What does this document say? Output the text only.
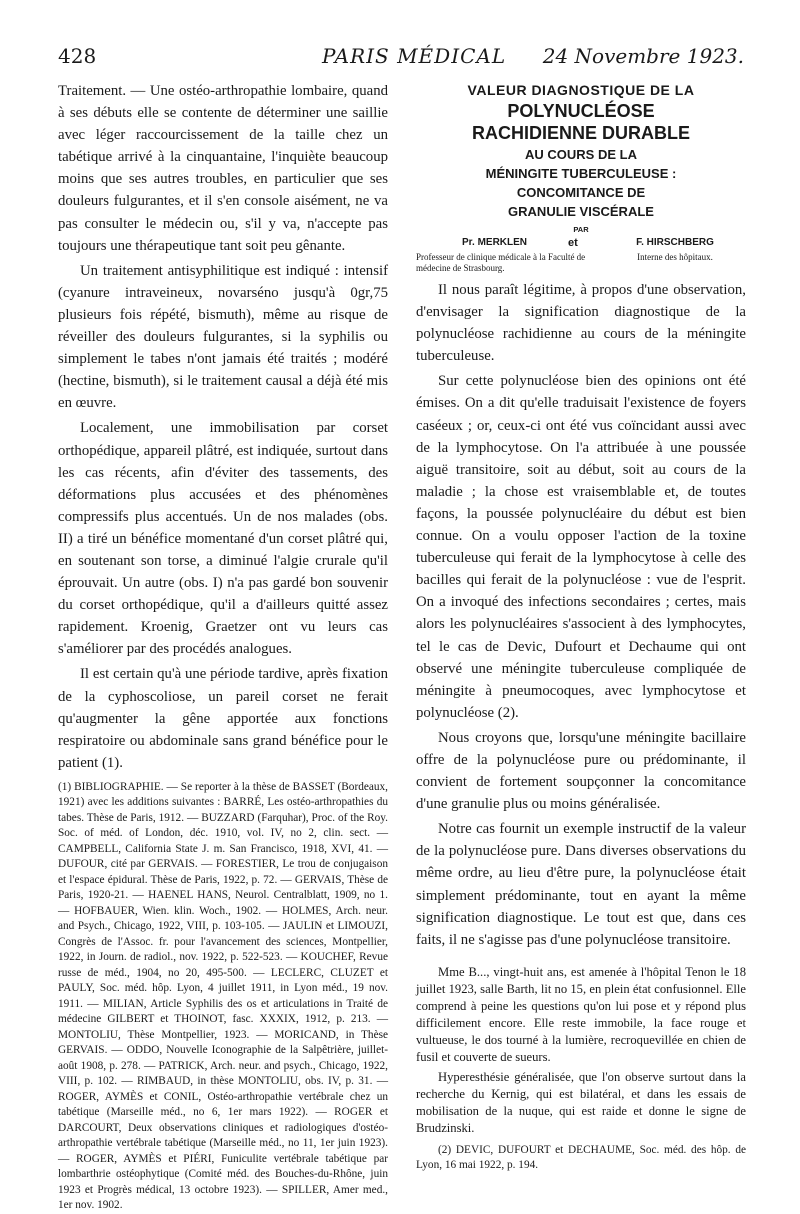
428	PARIS MÉDICAL 24 Novembre 1923.

Traitement. — Une ostéo-arthropathie lombaire, quand à ses débuts elle se contente de déterminer une saillie avec léger raccourcissement de la taille chez un tabétique arrivé à la cinquantaine, l'inquiète beaucoup moins que ses autres troubles, en particulier que ses douleurs fulgurantes, et il s'en console aisément, ne va pas consulter le médecin ou, s'il y va, n'accepte pas toujours une thérapeutique tant soit peu gênante.

Un traitement antisyphilitique est indiqué : intensif (cyanure intraveineux, novarséno jusqu'à 0gr,75 plusieurs fois répété, bismuth), même au risque de réveiller des douleurs fulgurantes, si la syphilis ou simplement le tabes n'ont jamais été traités ; modéré (hectine, bismuth), si le traitement causal a déjà été mis en œuvre.

Localement, une immobilisation par corset orthopédique, appareil plâtré, est indiquée, surtout dans les cas récents, afin d'éviter des tassements, des déformations plus accusées et des phénomènes compressifs plus accentués. Un de nos malades (obs. II) a tiré un bénéfice momentané d'un corset plâtré qui, en soutenant son torse, a diminué l'algie crurale qu'il éprouvait. Un autre (obs. I) n'a pas gardé bon souvenir du corset orthopédique, qu'il a d'ailleurs quitté assez rapidement. Kroenig, Graetzer ont vu leurs cas s'améliorer par des procédés analogues.

Il est certain qu'à une période tardive, après fixation de la cyphoscoliose, un pareil corset ne ferait qu'augmenter la gêne apportée aux fonctions respiratoire ou abdominale sans grand bénéfice pour le patient (1).

(1) BIBLIOGRAPHIE. — Se reporter à la thèse de BASSET (Bordeaux, 1921) avec les additions suivantes : BARRÉ, Les ostéo-arthropathies du tabes. Thèse de Paris, 1912. — BUZZARD (Farquhar), Proc. of the Roy. Soc. of méd. of London, déc. 1910, vol. IV, no 2, clin. sect. — CAMPBELL, California State J. m. San Francisco, 1918, XVI, 41. — DUFOUR, cité par GERVAIS. — FORESTIER, Le trou de conjugaison et l'espace épidural. Thèse de Paris, 1922, p. 72. — GERVAIS, Thèse de Paris, 1920-21. — HAENEL HANS, Neurol. Centralblatt, 1909, no 1. — HOFBAUER, Wien. klin. Woch., 1902. — HOLMES, Arch. neur. and Psych., Chicago, 1922, VIII, p. 103-105. — JAULIN et LIMOUZI, Congrès de l'Assoc. fr. pour l'avancement des sciences, Montpellier, 1922, in Journ. de radiol., nov. 1922, p. 522-523. — KOUCHEF, Revue russe de méd., 1904, no 20, 495-500. — LECLERC, CLUZET et PAULY, Soc. méd. hôp. Lyon, 4 juillet 1911, in Lyon méd., 19 nov. 1911. — MILIAN, Article Syphilis des os et articulations in Traité de médecine GILBERT et THOINOT, fasc. XXXIX, 1912, p. 213. — MONTOLIU, Thèse Montpellier, 1923. — MORICAND, in Thèse GERVAIS. — ODDO, Nouvelle Iconographie de la Salpêtrière, juillet-août 1908, p. 278. — PATRICK, Arch. neur. and psych., Chicago, 1922, VIII, p. 102. — RIMBAUD, in thèse MONTOLIU, obs. IV, p. 31. — ROGER, AYMÈS et CONIL, Ostéo-arthropathie vertébrale chez un tabétique (Marseille méd., no 6, 1er mars 1922). — ROGER et DARCOURT, Deux observations cliniques et radiologiques d'ostéo-arthropathie vertébrale tabétique (Marseille méd., no 11, 1er juin 1923). — ROGER, AYMÈS et PIÉRI, Funiculite vertébrale tabétique par lombarthrie ostéophytique (Comité méd. des Bouches-du-Rhône, juin 1923 et Progrès médical, 13 octobre 1923). — SPILLER, Amer med., 1er nov. 1902.

VALEUR DIAGNOSTIQUE DE LA
POLYNUCLÉOSE
RACHIDIENNE DURABLE
AU COURS DE LA
MÉNINGITE TUBERCULEUSE :
CONCOMITANCE DE
GRANULIE VISCÉRALE
PAR
Pr. MERKLEN
Professeur de clinique médicale à la Faculté de médecine de Strasbourg.
et	F. HIRSCHBERG
Interne des hôpitaux.

Il nous paraît légitime, à propos d'une observation, d'envisager la signification diagnostique de la polynucléose rachidienne au cours de la méningite tuberculeuse.

Sur cette polynucléose bien des opinions ont été émises. On a dit qu'elle traduisait l'existence de foyers caséeux ; or, ceux-ci ont été vus coïncidant aussi avec de la lymphocytose. On l'a attribuée à une poussée aiguë transitoire, soit au début, soit au cours de la maladie ; la chose est vraisemblable et, de toutes façons, la poussée polynucléaire du début est bien connue. On a voulu opposer l'action de la toxine tuberculeuse qui ferait de la lymphocytose à celle des bacilles qui ferait de la polynucléose : vue de l'esprit. On a invoqué des infections secondaires ; certes, mais alors les polynucléaires s'associent à des lymphocytes, tel le cas de Devic, Dufourt et Dechaume qui ont observé une méningite tuberculeuse compliquée de méningite à pneumocoques, avec lymphocytose et polynucléose (2).

Nous croyons que, lorsqu'une méningite bacillaire offre de la polynucléose pure ou prédominante, il convient de fortement soupçonner la concomitance d'une granulie plus ou moins généralisée.

Notre cas fournit un exemple instructif de la valeur de la polynucléose pure. Dans diverses observations du même ordre, au lieu d'être pure, la polynucléose était simplement prédominante, tout en ayant la même signification diagnostique. Le tout est que, dans ces faits, il ne s'agisse pas d'une polynucléose transitoire.

Mme B..., vingt-huit ans, est amenée à l'hôpital Tenon le 18 juillet 1923, salle Barth, lit no 15, en plein état confusionnel. Elle comprend à peine les questions qu'on lui pose et y répond plus difficilement encore. Elle reste immobile, la face rouge et vultueuse, le dos tourné à la lumière, recroquevillée en chien de fusil et couverte de sueurs.

Hyperesthésie généralisée, que l'on observe surtout dans la recherche du Kernig, qui est bilatéral, et dans les essais de mobilisation de la nuque, qui est raide et donne le signe de Brudzinski.

(2) DEVIC, DUFOURT et DECHAUME, Soc. méd. des hôp. de Lyon, 16 mai 1922, p. 194.
